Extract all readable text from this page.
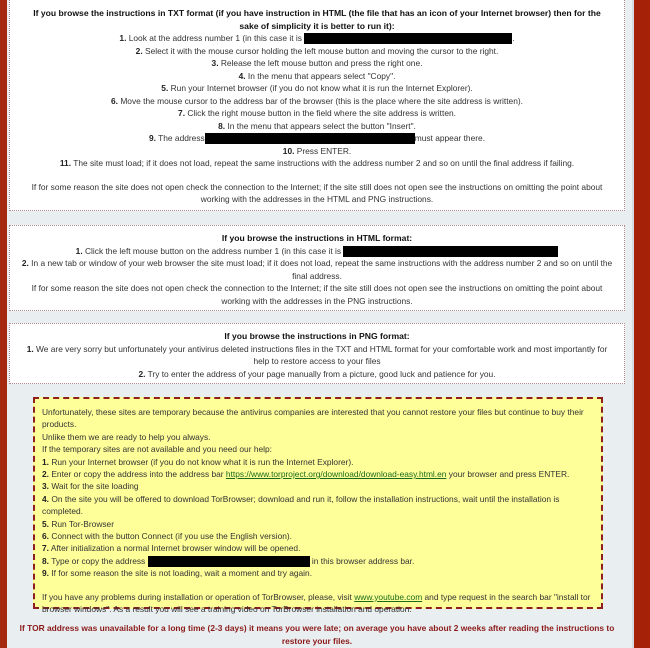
If you browse the instructions in TXT format (if you have instruction in HTML (the file that has an icon of your Internet browser) then for the sake of simplicity it is better to run it):

1. Look at the address number 1 (in this case it is	.

2. Select it with the mouse cursor holding the left mouse button and moving the cursor to the right.

3. Release the left mouse button and press the right one.

4. In the menu that appears select "Copy".

5. Run your Internet browser (if you do not know what it is run the Internet Explorer).

6. Move the mouse cursor to the address bar of the browser (this is the place where the site address is written).

7. Click the right mouse button in the field where the site address is written.

8. In the menu that appears select the button "Insert".

9. The address	must appear there.

10. Press ENTER.

11. The site must load; if it does not load, repeat the same instructions with the address number 2 and so on until the final address if failing.

If for some reason the site does not open check the connection to the Internet; if the site still does not open see the instructions on omitting the point about working with the addresses in the HTML and PNG instructions.

If you browse the instructions in HTML format:

1. Click the left mouse button on the address number 1 (in this case it is

2. In a new tab or window of your web browser the site must load; if it does not load, repeat the same instructions with the address number 2 and so on until the final address.

If for some reason the site does not open check the connection to the Internet; if the site still does not open see the instructions on omitting the point about working with the addresses in the PNG instructions.

If you browse the instructions in PNG format:

1. We are very sorry but unfortunately your antivirus deleted instructions files in the TXT and HTML format for your comfortable work and most importantly for help to restore access to your files

2. Try to enter the address of your page manually from a picture, good luck and patience for you.

Unfortunately, these sites are temporary because the antivirus companies are interested that you cannot restore your files but continue to buy their products.

Unlike them we are ready to help you always.

If the temporary sites are not available and you need our help:

1. Run your Internet browser (if you do not know what it is run the Internet Explorer).

2. Enter or copy the address into the address bar https://www.torproject.org/download/download-easy.html.en your browser and press ENTER.

3. Wait for the site loading

4. On the site you will be offered to download TorBrowser; download and run it, follow the installation instructions, wait until the installation is completed.

5. Run Tor-Browser

6. Connect with the button Connect (if you use the English version).

7. After initialization a normal Internet browser window will be opened.

8. Type or copy the address	in this browser address bar.

9. If for some reason the site is not loading, wait a moment and try again.

If you have any problems during installation or operation of TorBrowser, please, visit www.youtube.com and type request in the search bar "install tor browser windows". As a result you will see a training video on TorBrowser installation and operation.

If TOR address was unavailable for a long time (2-3 days) it means you were late; on average you have about 2 weeks after reading the instructions to restore your files.
